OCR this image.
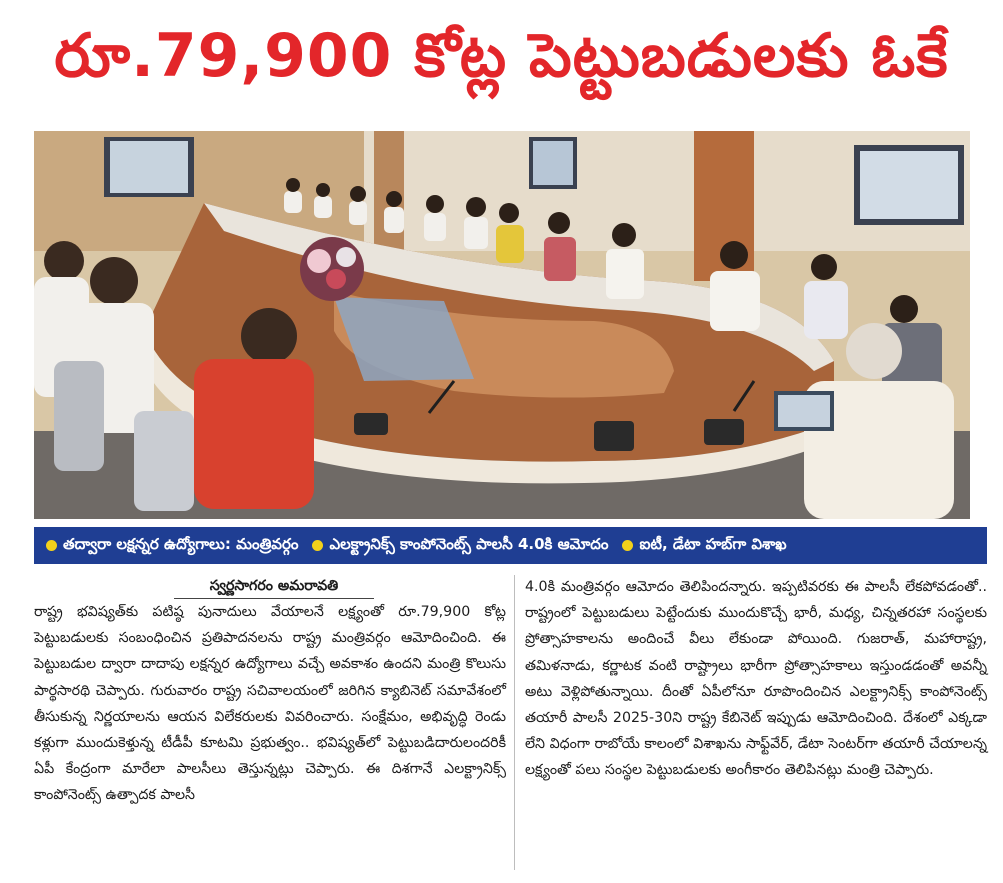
రూ.79,900 కోట్ల పెట్టుబడులకు ఓకే
తద్వారా లక్షన్నర ఉద్యోగాలు: మంత్రివర్గం ఎలక్ట్రానిక్స్ కాంపోనెంట్స్ పాలసీ 4.0కి ఆమోదం ఐటీ, డేటా హబ్‌గా విశాఖ
స్వర్ణసాగరం అమరావతి

రాష్ట్ర భవిష్యత్‌కు పటిష్ఠ పునాదులు వేయాలనే లక్ష్యంతో రూ.79,900 కోట్ల పెట్టుబడులకు సంబంధించిన ప్రతిపాదనలను రాష్ట్ర మంత్రివర్గం ఆమోదించింది. ఈ పెట్టుబడుల ద్వారా దాదాపు లక్షన్నర ఉద్యోగాలు వచ్చే అవకాశం ఉందని మంత్రి కొలుసు పార్థసారథి చెప్పారు. గురువారం రాష్ట్ర సచివాలయంలో జరిగిన క్యాబినెట్ సమావేశంలో తీసుకున్న నిర్ణయాలను ఆయన విలేకరులకు వివరించారు. సంక్షేమం, అభివృద్ధి రెండు కళ్లుగా ముందుకెళ్తున్న టీడీపీ కూటమి ప్రభుత్వం.. భవిష్యత్‌లో పెట్టుబడిదారులందరికీ ఏపీ కేంద్రంగా మారేలా పాలసీలు తెస్తున్నట్లు చెప్పారు. ఈ దిశగానే ఎలక్ట్రానిక్స్ కాంపోనెంట్స్ ఉత్పాదక పాలసీ

4.0కి మంత్రివర్గం ఆమోదం తెలిపిందన్నారు. ఇప్పటివరకు ఈ పాలసీ లేకపోవడంతో.. రాష్ట్రంలో పెట్టుబడులు పెట్టేందుకు ముందుకొచ్చే భారీ, మధ్య, చిన్నతరహా సంస్థలకు ప్రోత్సాహకాలను అందించే వీలు లేకుండా పోయింది. గుజరాత్, మహారాష్ట్ర, తమిళనాడు, కర్ణాటక వంటి రాష్ట్రాలు భారీగా ప్రోత్సాహకాలు ఇస్తుండడంతో అవన్నీ అటు వెళ్లిపోతున్నాయి. దీంతో ఏపీలోనూ రూపొందించిన ఎలక్ట్రానిక్స్ కాంపోనెంట్స్ తయారీ పాలసీ 2025-30ని రాష్ట్ర కేబినెట్ ఇప్పుడు ఆమోదించింది. దేశంలో ఎక్కడా లేని విధంగా రాబోయే కాలంలో విశాఖను సాఫ్ట్‌వేర్, డేటా సెంటర్‌గా తయారీ చేయాలన్న లక్ష్యంతో పలు సంస్థల పెట్టుబడులకు అంగీకారం తెలిపినట్లు మంత్రి చెప్పారు.
